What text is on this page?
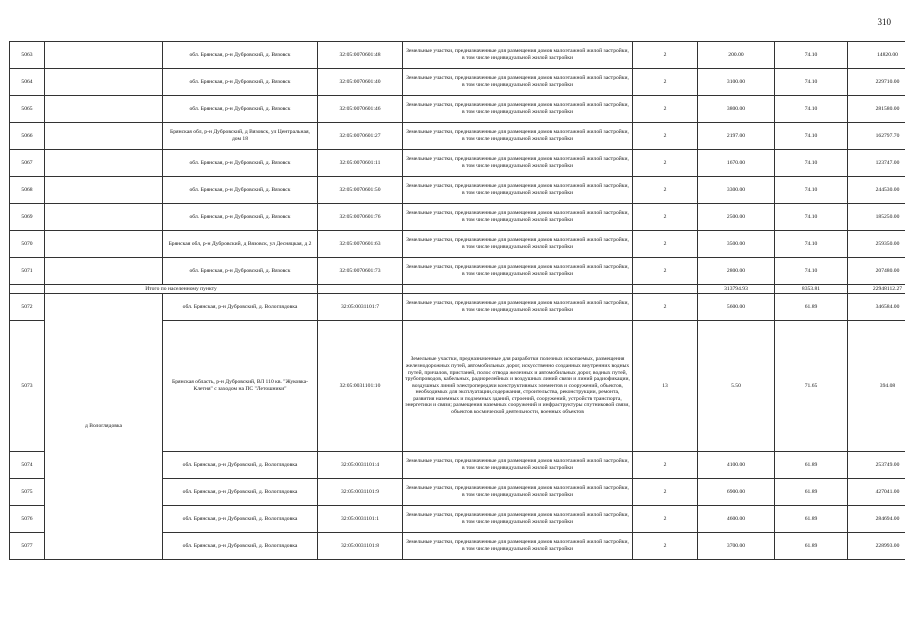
310
5063		обл. Брянская, р-н Дубровский, д. Вязовск	32:05:0070601:48	Земельные участки, предназначенные для размещения домов малоэтажной жилой застройки, в том числе индивидуальной жилой застройки	2	200.00	74.10	14820.00
5064		обл. Брянская, р-н Дубровский, д. Вязовск	32:05:0070601:40	Земельные участки, предназначенные для размещения домов малоэтажной жилой застройки, в том числе индивидуальной жилой застройки	2	3100.00	74.10	229710.00
5065		обл. Брянская, р-н Дубровский, д. Вязовск	32:05:0070601:46	Земельные участки, предназначенные для размещения домов малоэтажной жилой застройки, в том числе индивидуальной жилой застройки	2	3800.00	74.10	281580.00
5066		Брянская обл, р-н Дубровский, д Вязовск, ул Центральная, дом 18	32:05:0070601:27	Земельные участки, предназначенные для размещения домов малоэтажной жилой застройки, в том числе индивидуальной жилой застройки	2	2197.00	74.10	162797.70
5067		обл. Брянская, р-н Дубровский, д. Вязовск	32:05:0070601:11	Земельные участки, предназначенные для размещения домов малоэтажной жилой застройки, в том числе индивидуальной жилой застройки	2	1670.00	74.10	123747.00
5068		обл. Брянская, р-н Дубровский, д. Вязовск	32:05:0070601:50	Земельные участки, предназначенные для размещения домов малоэтажной жилой застройки, в том числе индивидуальной жилой застройки	2	3300.00	74.10	244530.00
5069		обл. Брянская, р-н Дубровский, д. Вязовск	32:05:0070601:76	Земельные участки, предназначенные для размещения домов малоэтажной жилой застройки, в том числе индивидуальной жилой застройки	2	2500.00	74.10	185250.00
5070		Брянская обл, р-н Дубровский, д Вязовск, ул Десняцкая, д 2	32:05:0070601:63	Земельные участки, предназначенные для размещения домов малоэтажной жилой застройки, в том числе индивидуальной жилой застройки	2	3500.00	74.10	259350.00
5071		обл. Брянская, р-н Дубровский, д. Вязовск	32:05:0070601:73	Земельные участки, предназначенные для размещения домов малоэтажной жилой застройки, в том числе индивидуальной жилой застройки	2	2800.00	74.10	207480.00
	Итого по населенному пункту					313794.93	8353.81	22948112.27
5072	д Вологлядовка	обл. Брянская, р-н Дубровский, д. Вологлядовка	32:05:0031101:7	Земельные участки, предназначенные для размещения домов малоэтажной жилой застройки, в том числе индивидуальной жилой застройки	2	5600.00	61.89	346584.00
5073		Брянская область, р-н Дубровский, ВЛ 110 кв. "Жуковка-Клетня" с заходом на ПС "Летошники"	32:05:0031101:10	Земельные участки, предназначенные для разработки полезных ископаемых, размещения железнодорожных путей, автомобильных дорог, искусственно созданных внутренних водных путей, причалов, пристаней, полос отвода железных и автомобильных дорог, водных путей, трубопроводов, кабельных, радиорелейных и воздушных линий связи и линий радиофикации, воздушных линий электропередачи конструктивных элементов и сооружений, объектов, необходимых для эксплуатации,содержания, строительства, реконструкции, ремонта, развития наземных и подземных зданий, строений, сооружений, устройств транспорта, энергетики и связи; размещения наземных сооружений и инфраструктуры спутниковой связи, объектов космической деятельности, военных объектов	13	5.50	71.65	394.08
5074		обл. Брянская, р-н Дубровский, д. Вологлядовка	32:05:0031101:4	Земельные участки, предназначенные для размещения домов малоэтажной жилой застройки, в том числе индивидуальной жилой застройки	2	4100.00	61.89	253749.00
5075		обл. Брянская, р-н Дубровский, д. Вологлядовка	32:05:0031101:9	Земельные участки, предназначенные для размещения домов малоэтажной жилой застройки, в том числе индивидуальной жилой застройки	2	6900.00	61.89	427041.00
5076		обл. Брянская, р-н Дубровский, д. Вологлядовка	32:05:0031101:1	Земельные участки, предназначенные для размещения домов малоэтажной жилой застройки, в том числе индивидуальной жилой застройки	2	4600.00	61.89	284694.00
5077		обл. Брянская, р-н Дубровский, д. Вологлядовка	32:05:0031101:8	Земельные участки, предназначенные для размещения домов малоэтажной жилой застройки, в том числе индивидуальной жилой застройки	2	3700.00	61.89	228993.00
